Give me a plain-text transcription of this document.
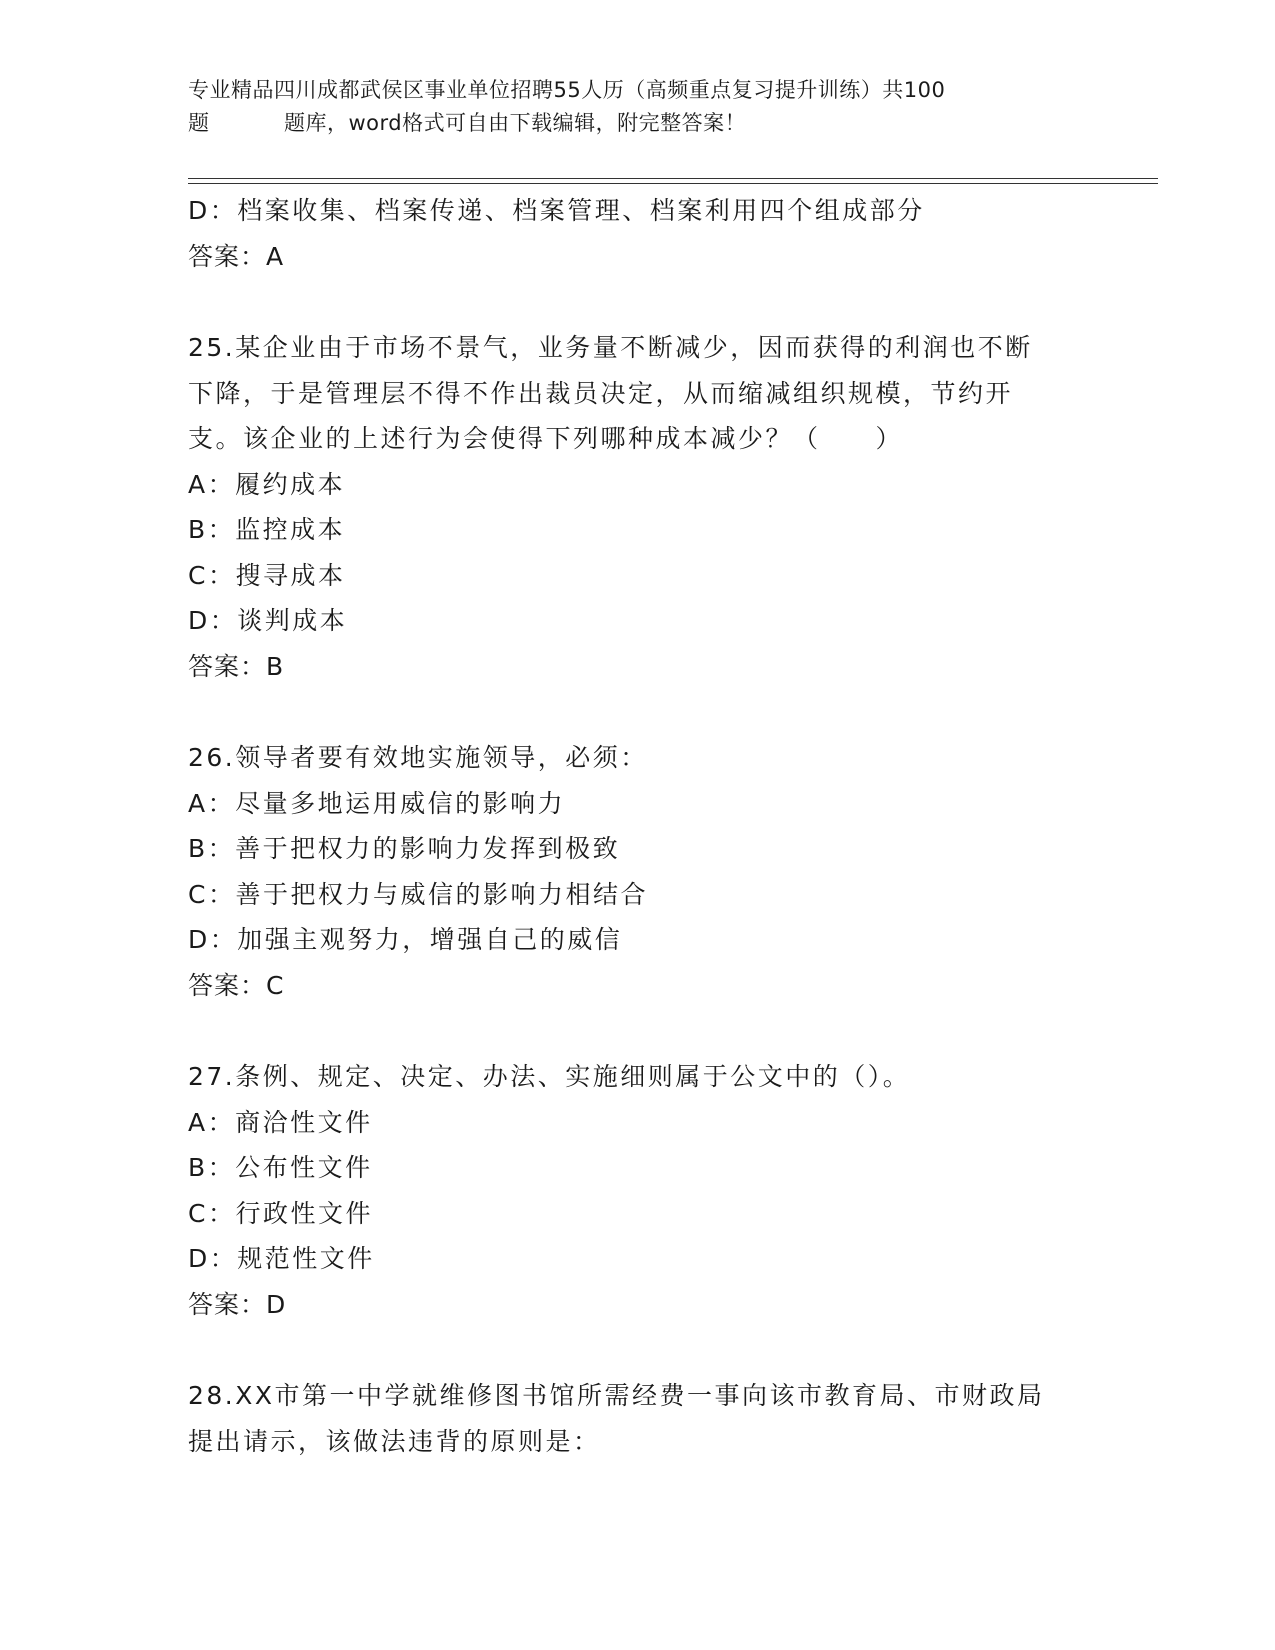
专业精品四川成都武侯区事业单位招聘55人历（高频重点复习提升训练）共100
题	题库，word格式可自由下载编辑，附完整答案！
D：档案收集、档案传递、档案管理、档案利用四个组成部分
答案：A
25.某企业由于市场不景气，业务量不断减少，因而获得的利润也不断
下降，于是管理层不得不作出裁员决定，从而缩减组织规模，节约开
支。该企业的上述行为会使得下列哪种成本减少？（　　）
A：履约成本
B：监控成本
C：搜寻成本
D：谈判成本
答案：B
26.领导者要有效地实施领导，必须：
A：尽量多地运用威信的影响力
B：善于把权力的影响力发挥到极致
C：善于把权力与威信的影响力相结合
D：加强主观努力，增强自己的威信
答案：C
27.条例、规定、决定、办法、实施细则属于公文中的（）。
A：商洽性文件
B：公布性文件
C：行政性文件
D：规范性文件
答案：D
28.XX市第一中学就维修图书馆所需经费一事向该市教育局、市财政局
提出请示，该做法违背的原则是：
